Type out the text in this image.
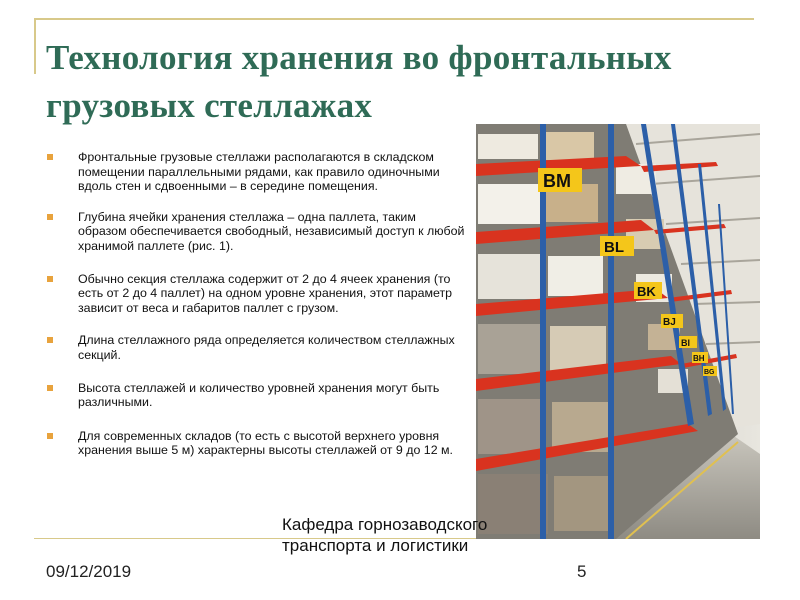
Технология хранения во фронтальных грузовых стеллажах
Фронтальные грузовые стеллажи располагаются в складском помещении параллельными рядами, как правило одиночными вдоль стен и сдвоенными – в середине помещения.
Глубина ячейки хранения стеллажа – одна паллета, таким образом обеспечивается свободный, независимый доступ к любой хранимой паллете (рис. 1).
Обычно секция стеллажа содержит от 2 до 4 ячеек хранения (то есть от 2 до 4 паллет) на одном уровне хранения, этот параметр зависит от веса и габаритов паллет с грузом.
Длина стеллажного ряда определяется количеством стеллажных секций.
Высота стеллажей и количество уровней хранения могут быть различными.
Для современных складов (то есть с высотой верхнего уровня хранения выше 5 м) характерны высоты стеллажей от 9 до 12 м.
BM
BL
BK
BJ
BI
BH
BG
09/12/2019
Кафедра горнозаводского транспорта и логистики
5
